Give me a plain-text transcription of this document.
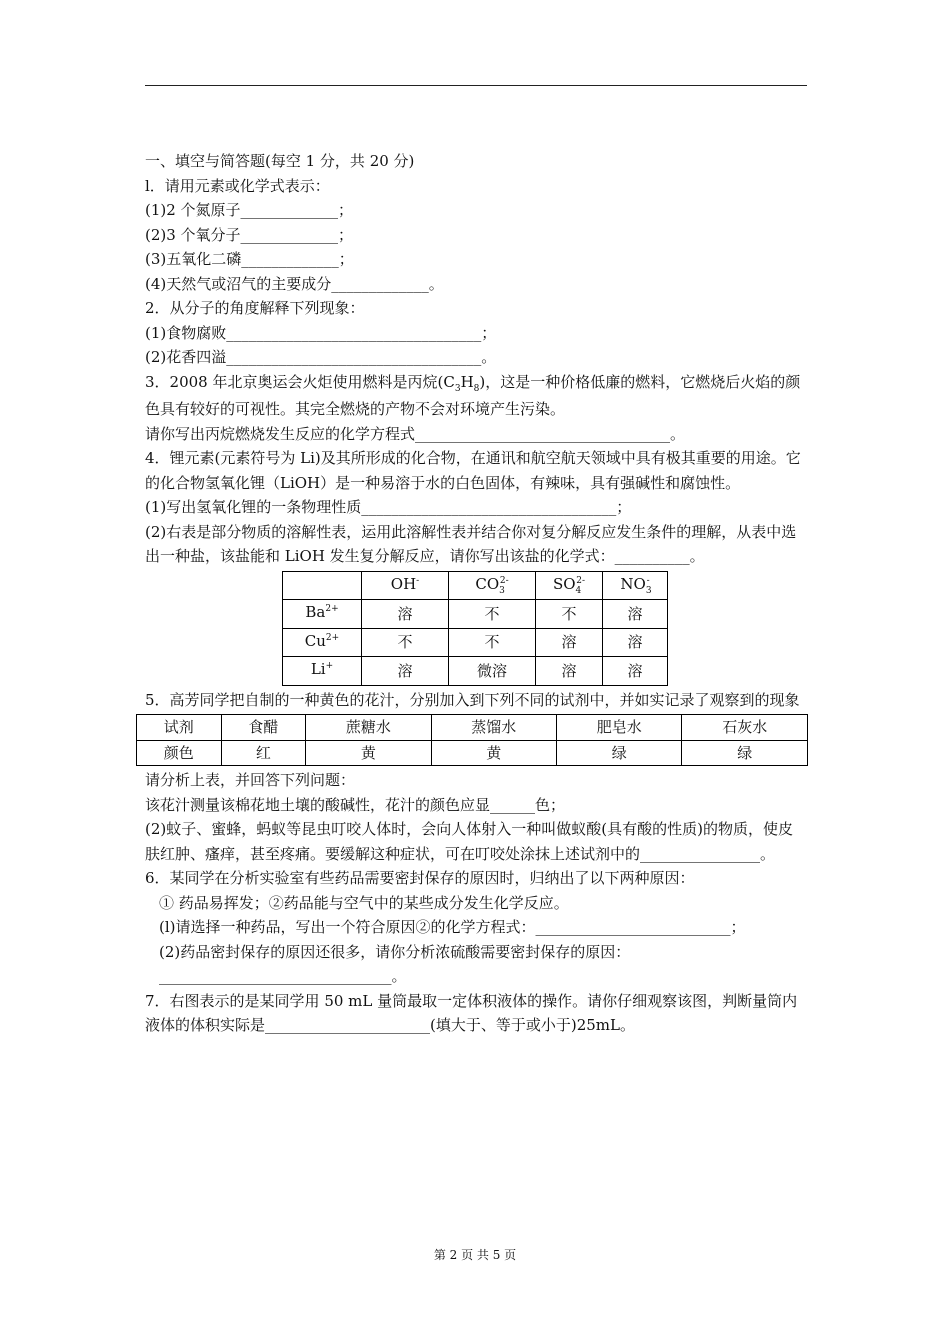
一、填空与简答题(每空 1 分，共 20 分)
l．请用元素或化学式表示：
(1)2 个氮原子_____________；
(2)3 个氧分子_____________；
(3)五氧化二磷_____________；
(4)天然气或沼气的主要成分_____________。
2．从分子的角度解释下列现象：
(1)食物腐败__________________________________；
(2)花香四溢__________________________________。
3．2008 年北京奥运会火炬使用燃料是丙烷$(C_3H_8)$，这是一种价格低廉的燃料，它燃烧后火焰的颜色具有较好的可视性。其完全燃烧的产物不会对环境产生污染。
请你写出丙烷燃烧发生反应的化学方程式__________________________________。
4．锂元素(元素符号为 Li)及其所形成的化合物，在通讯和航空航天领域中具有极其重要的用途。它的化合物氢氧化锂（LiOH）是一种易溶于水的白色固体，有辣味，具有强碱性和腐蚀性。
(1)写出氢氧化锂的一条物理性质__________________________________；
(2)右表是部分物质的溶解性表，运用此溶解性表并结合你对复分解反应发生条件的理解，从表中选出一种盐，该盐能和 LiOH 发生复分解反应，请你写出该盐的化学式：__________。
	OH-	$CO_3^{2-}$	$SO_4^{2-}$	$NO_3^-$
$Ba^{2+}$	溶	不	不	溶
$Cu^{2+}$	不	不	溶	溶
Li+	溶	微溶	溶	溶
5．高芳同学把自制的一种黄色的花汁，分别加入到下列不同的试剂中，并如实记录了观察到的现象
试剂	食醋	蔗糖水	蒸馏水	肥皂水	石灰水
颜色	红	黄	黄	绿	绿
请分析上表，并回答下列问题：
该花汁测量该棉花地土壤的酸碱性，花汁的颜色应显______色；
(2)蚊子、蜜蜂，蚂蚁等昆虫叮咬人体时，会向人体射入一种叫做蚁酸(具有酸的性质)的物质，使皮肤红肿、瘙痒，甚至疼痛。要缓解这种症状，可在叮咬处涂抹上述试剂中的________________。
6．某同学在分析实验室有些药品需要密封保存的原因时，归纳出了以下两种原因：
① 药品易挥发；②药品能与空气中的某些成分发生化学反应。
(l)请选择一种药品，写出一个符合原因②的化学方程式：__________________________；
(2)药品密封保存的原因还很多，请你分析浓硫酸需要密封保存的原因：_______________________________。
7．右图表示的是某同学用 50 mL 量筒最取一定体积液体的操作。请你仔细观察该图，判断量筒内液体的体积实际是______________________(填大于、等于或小于)25mL。
第 2 页 共 5 页
